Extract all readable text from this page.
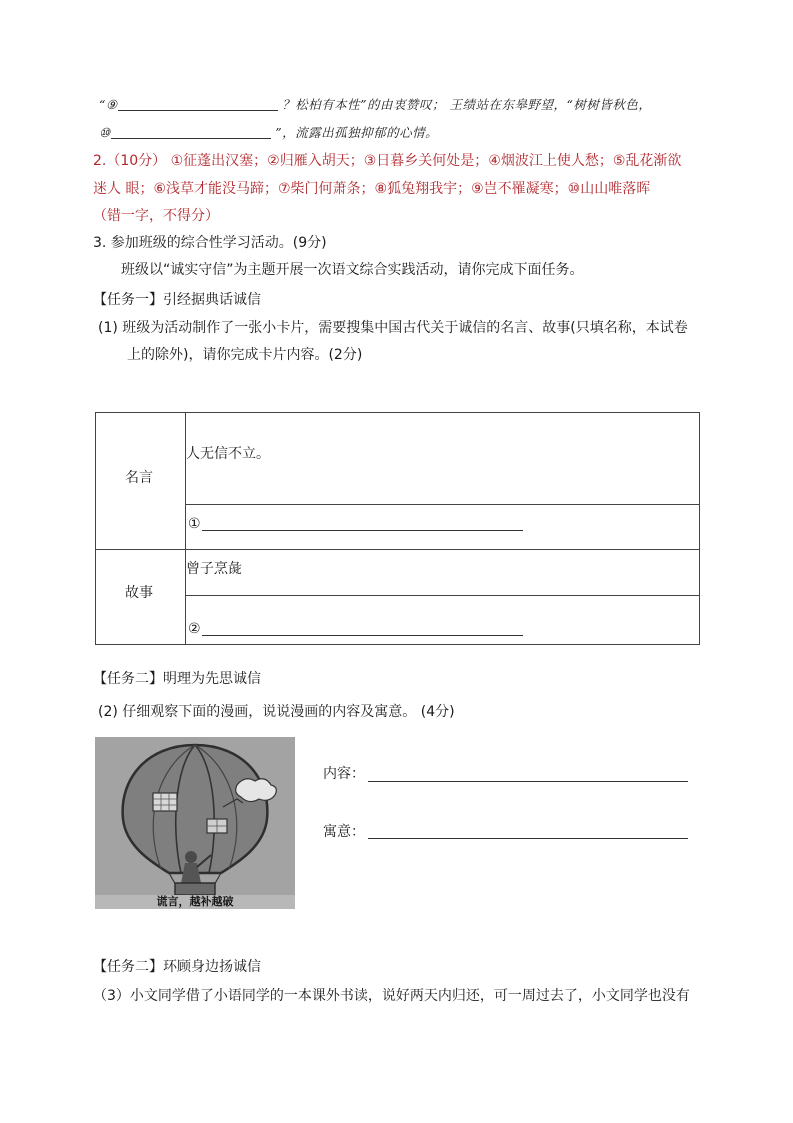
“⑨	？松柏有本性”的由衷赞叹； 王绩站在东皋野望，“树树皆秋色，
⑩	”，流露出孤独抑郁的心情。
2.（10分） ①征蓬出汉塞；②归雁入胡天；③日暮乡关何处是；④烟波江上使人愁；⑤乱花渐欲
迷人 眼；⑥浅草才能没马蹄；⑦柴门何萧条；⑧狐兔翔我宇；⑨岂不罹凝寒；⑩山山唯落晖
（错一字，不得分）
3. 参加班级的综合性学习活动。(9分)
班级以“诚实守信”为主题开展一次语文综合实践活动，请你完成下面任务。
【任务一】引经据典话诚信
(1) 班级为活动制作了一张小卡片，需要搜集中国古代关于诚信的名言、故事(只填名称，本试卷
上的除外)，请你完成卡片内容。(2分)
名言
人无信不立。
①
故事
曾子烹彘
②
【任务二】明理为先思诚信
(2) 仔细观察下面的漫画，说说漫画的内容及寓意。 (4分)
谎言，越补越破
内容：
寓意：
【任务二】环顾身边扬诚信
（3）小文同学借了小语同学的一本课外书读，说好两天内归还，可一周过去了，小文同学也没有
